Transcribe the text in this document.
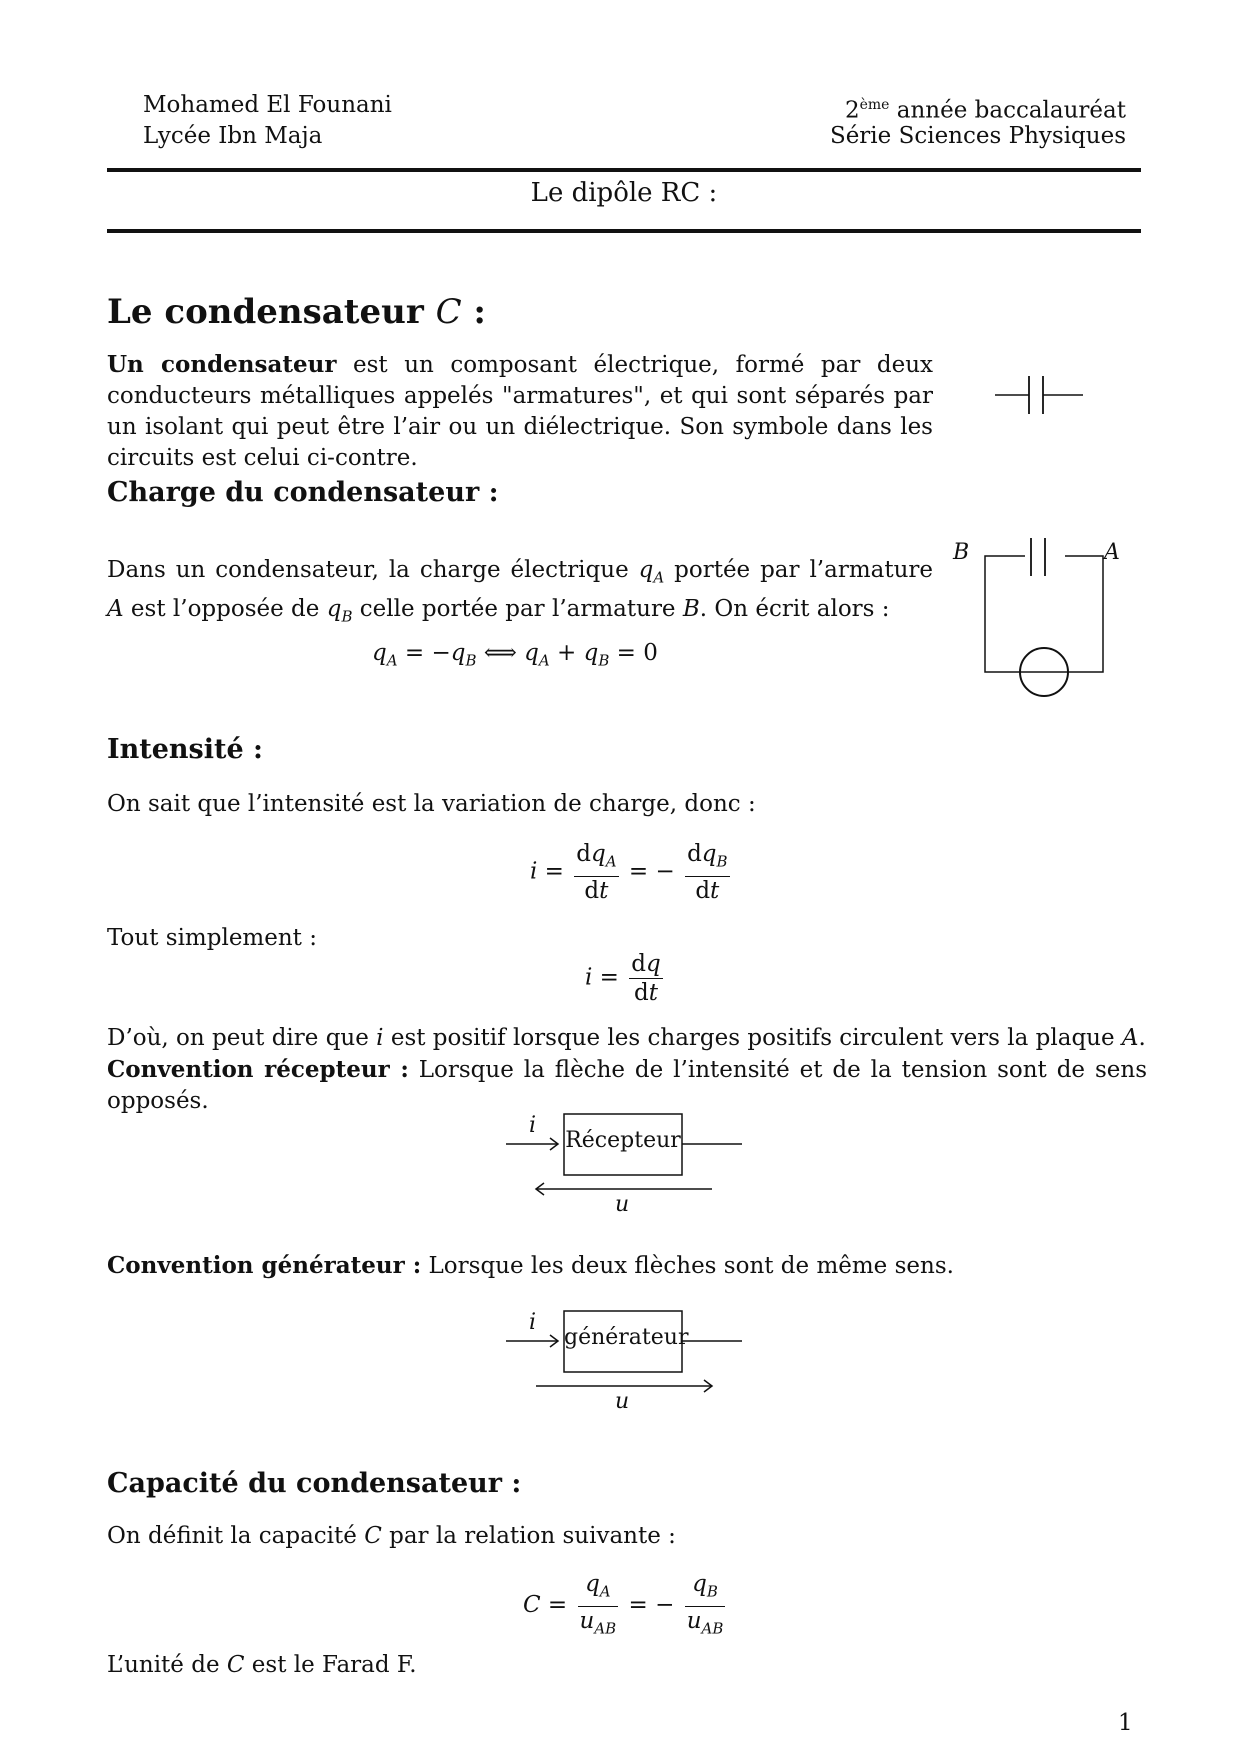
Mohamed El Founani
Lycée Ibn Maja
2ème année baccalauréat
Série Sciences Physiques
Le dipôle RC :
Le condensateur C :
Un condensateur est un composant électrique, formé par deux conducteurs métalliques appelés "armatures", et qui sont séparés par un isolant qui peut être l’air ou un diélectrique. Son symbole dans les circuits est celui ci-contre.
Charge du condensateur :
Dans un condensateur, la charge électrique $q_A$ portée par l’armature A est l’opposée de $q_B$ celle portée par l’armature B. On écrit alors :
$q_A = -q_B$ ⟺ $q_A + q_B = 0$
B	A
Intensité :
On sait que l’intensité est la variation de charge, donc :
$i = \frac{dq_A}{dt}$ = − $\frac{dq_B}{dt}$
Tout simplement :
$i = \frac{dq}{dt}$
D’où, on peut dire que i est positif lorsque les charges positifs circulent vers la plaque A.
Convention récepteur : Lorsque la flèche de l’intensité et de la tension sont de sens opposés.
i
Récepteur
u
Convention générateur : Lorsque les deux flèches sont de même sens.
i
générateur
u
Capacité du condensateur :
On définit la capacité C par la relation suivante :
$C = \frac{q_A}{u_{AB}}$ = − $\frac{q_B}{u_{AB}}$
L’unité de C est le Farad F.
1
